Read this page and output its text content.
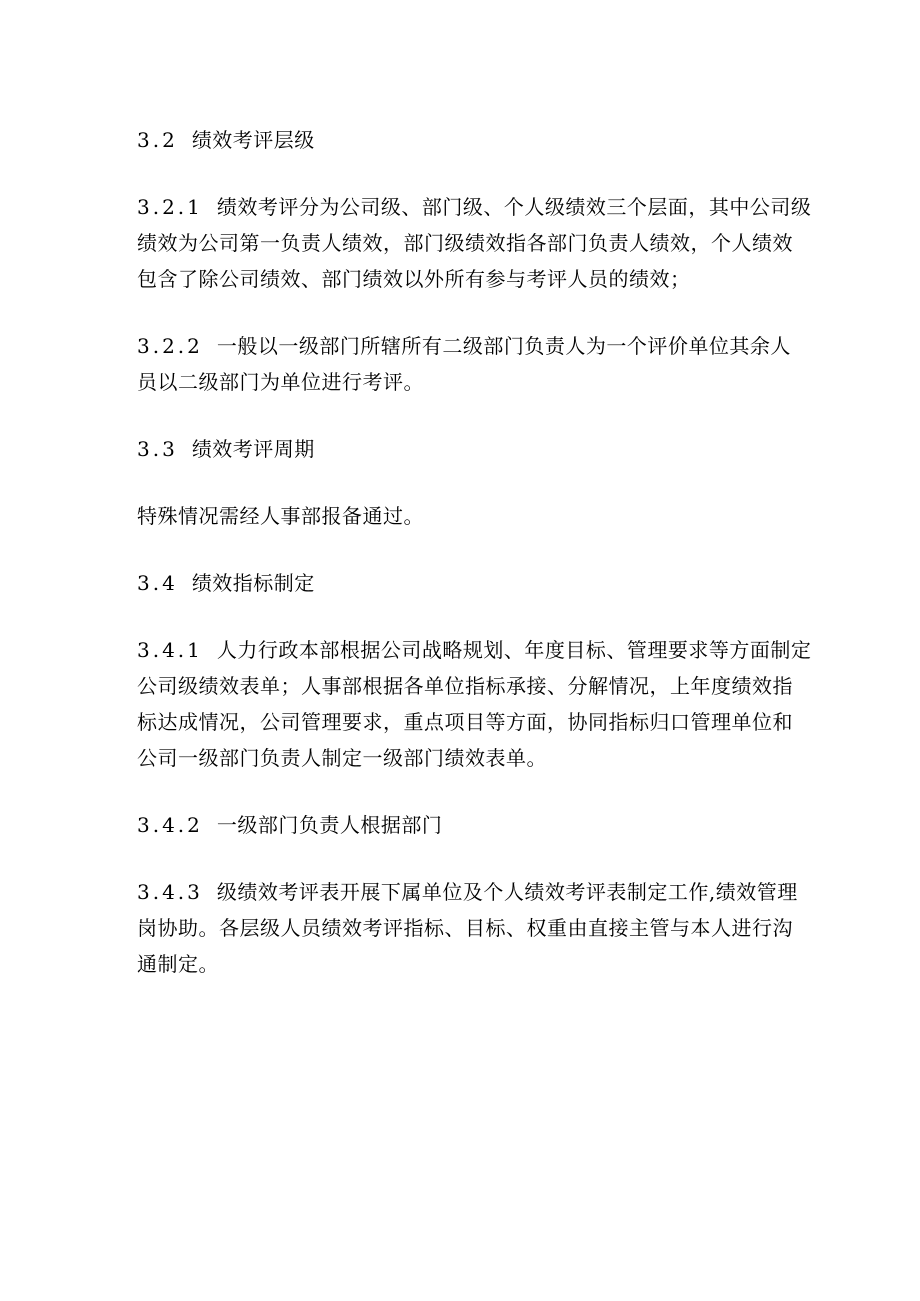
3.2 绩效考评层级
3.2.1 绩效考评分为公司级、部门级、个人级绩效三个层面，其中公司级
绩效为公司第一负责人绩效，部门级绩效指各部门负责人绩效，个人绩效
包含了除公司绩效、部门绩效以外所有参与考评人员的绩效；
3.2.2 一般以一级部门所辖所有二级部门负责人为一个评价单位其余人
员以二级部门为单位进行考评。
3.3 绩效考评周期
特殊情况需经人事部报备通过。
3.4 绩效指标制定
3.4.1 人力行政本部根据公司战略规划、年度目标、管理要求等方面制定
公司级绩效表单；人事部根据各单位指标承接、分解情况，上年度绩效指
标达成情况，公司管理要求，重点项目等方面，协同指标归口管理单位和
公司一级部门负责人制定一级部门绩效表单。
3.4.2 一级部门负责人根据部门
3.4.3 级绩效考评表开展下属单位及个人绩效考评表制定工作,绩效管理
岗协助。各层级人员绩效考评指标、目标、权重由直接主管与本人进行沟
通制定。
